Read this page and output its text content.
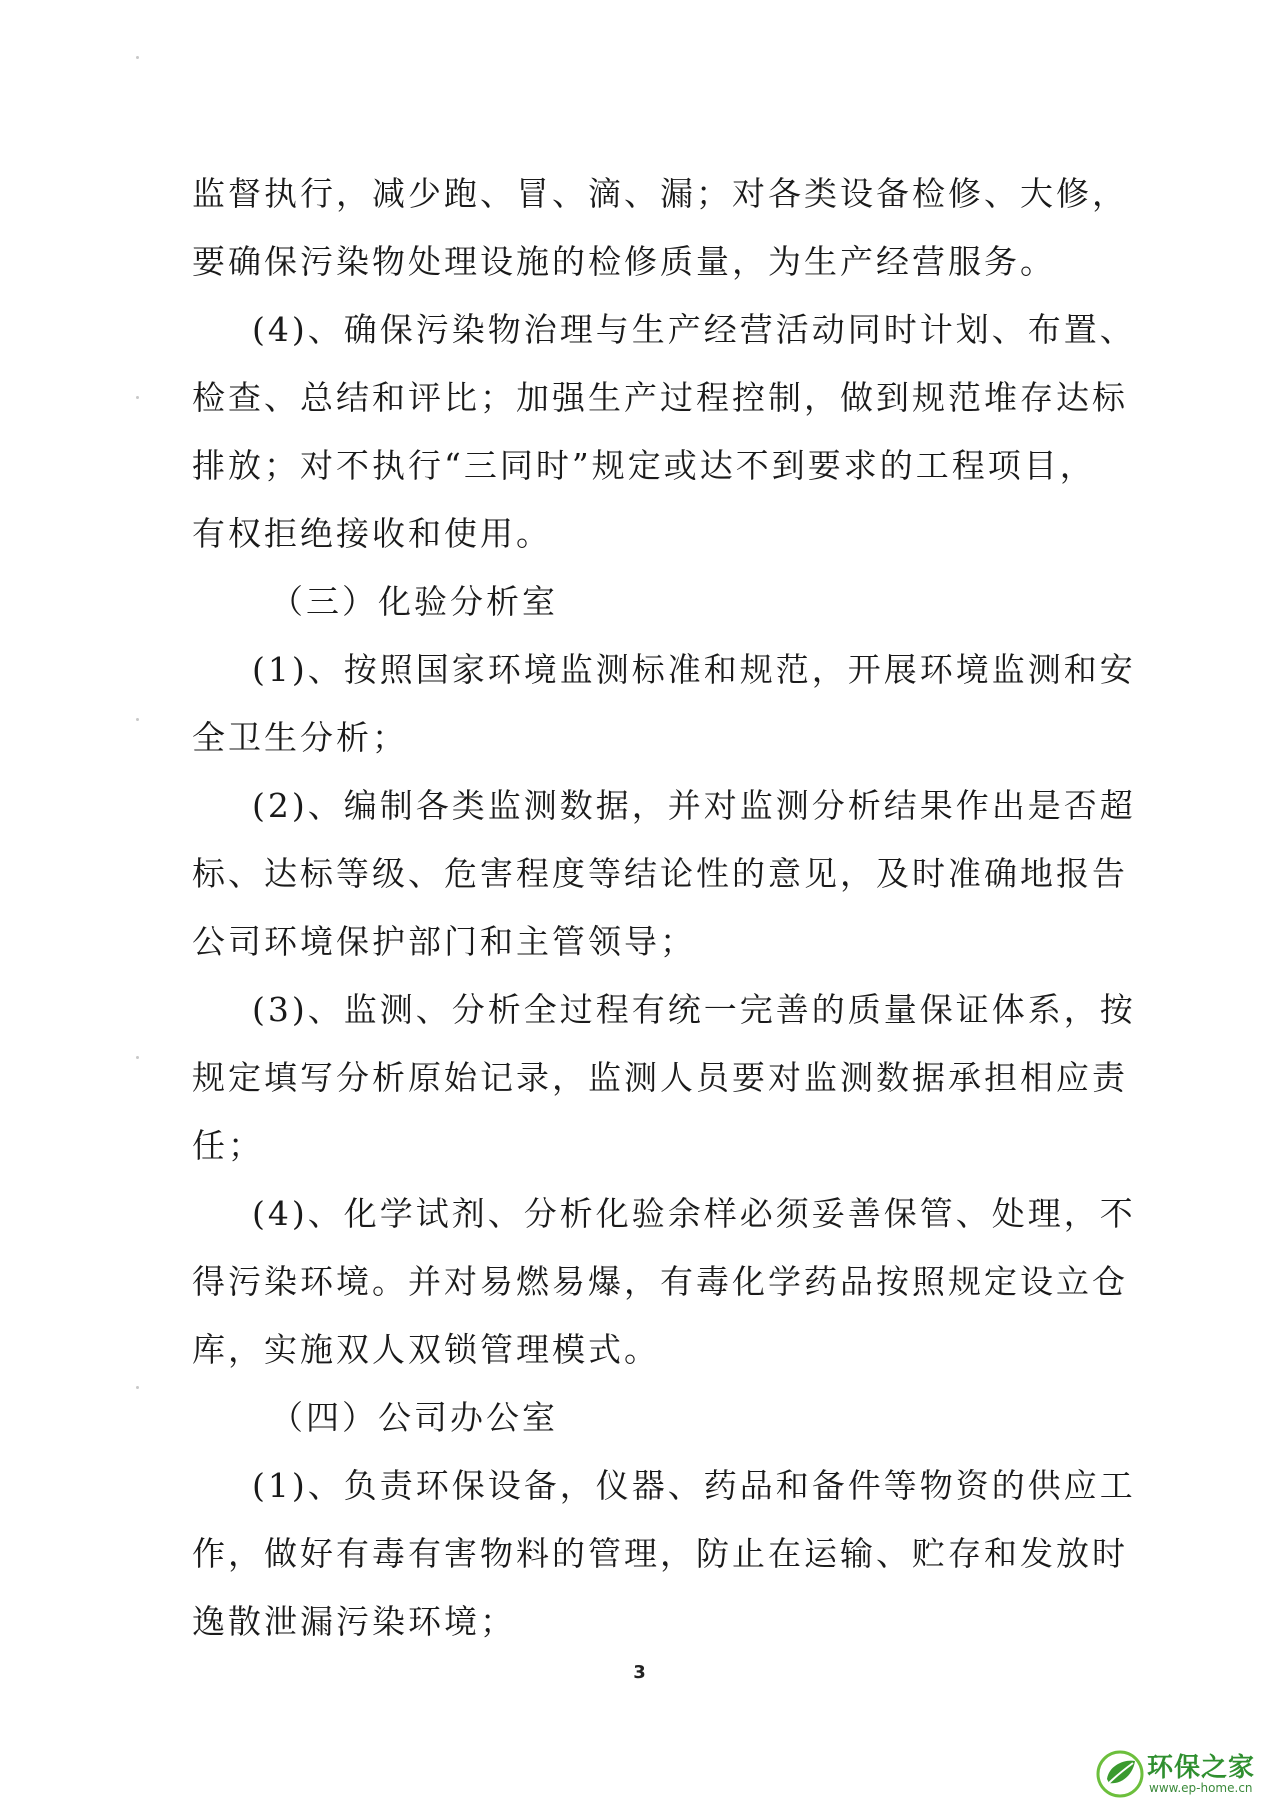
监督执行，减少跑、冒、滴、漏；对各类设备检修、大修，
要确保污染物处理设施的检修质量，为生产经营服务。
(4)、确保污染物治理与生产经营活动同时计划、布置、
检查、总结和评比；加强生产过程控制，做到规范堆存达标
排放；对不执行“三同时”规定或达不到要求的工程项目，
有权拒绝接收和使用。
（三）化验分析室
(1)、按照国家环境监测标准和规范，开展环境监测和安
全卫生分析；
(2)、编制各类监测数据，并对监测分析结果作出是否超
标、达标等级、危害程度等结论性的意见，及时准确地报告
公司环境保护部门和主管领导；
(3)、监测、分析全过程有统一完善的质量保证体系，按
规定填写分析原始记录，监测人员要对监测数据承担相应责
任；
(4)、化学试剂、分析化验余样必须妥善保管、处理，不
得污染环境。并对易燃易爆，有毒化学药品按照规定设立仓
库，实施双人双锁管理模式。
（四）公司办公室
(1)、负责环保设备，仪器、药品和备件等物资的供应工
作，做好有毒有害物料的管理，防止在运输、贮存和发放时
逸散泄漏污染环境；
3
环保之家
www.ep-home.cn
